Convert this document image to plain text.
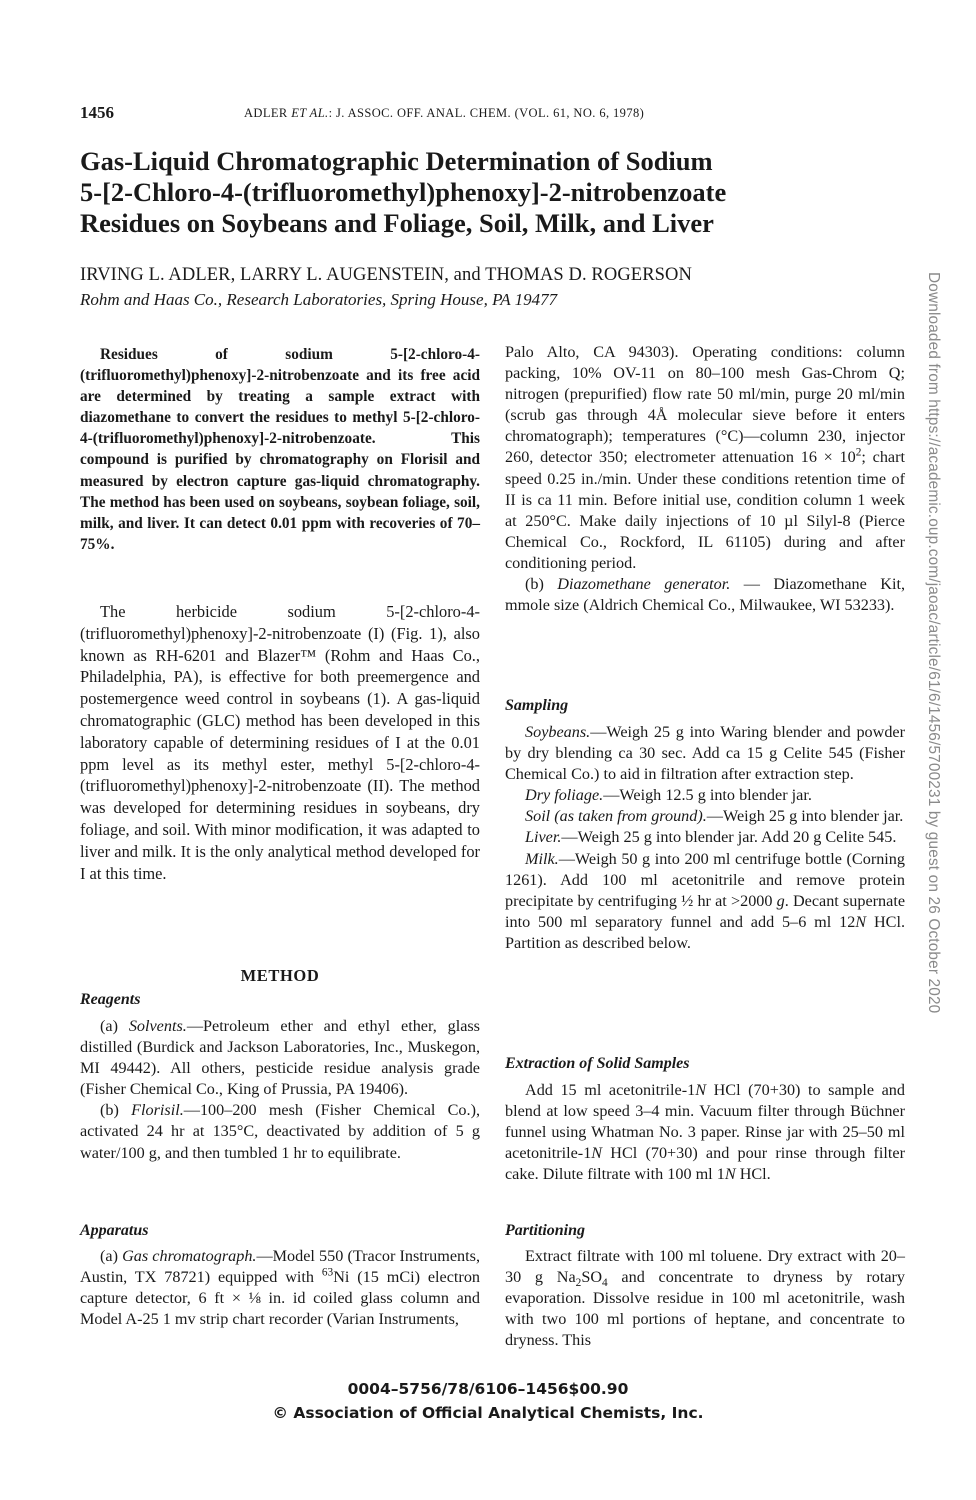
1456	ADLER ET AL.: J. ASSOC. OFF. ANAL. CHEM. (VOL. 61, NO. 6, 1978)
Gas-Liquid Chromatographic Determination of Sodium
5-[2-Chloro-4-(trifluoromethyl)phenoxy]-2-nitrobenzoate
Residues on Soybeans and Foliage, Soil, Milk, and Liver
IRVING L. ADLER, LARRY L. AUGENSTEIN, and THOMAS D. ROGERSON
Rohm and Haas Co., Research Laboratories, Spring House, PA 19477

Residues of sodium 5-[2-chloro-4-(trifluoromethyl)phenoxy]-2-nitrobenzoate and its free acid are determined by treating a sample extract with diazomethane to convert the residues to methyl 5-[2-chloro-4-(trifluoromethyl)phenoxy]-2-nitrobenzoate. This compound is purified by chromatography on Florisil and measured by electron capture gas-liquid chromatography. The method has been used on soybeans, soybean foliage, soil, milk, and liver. It can detect 0.01 ppm with recoveries of 70–75%.

The herbicide sodium 5-[2-chloro-4-(trifluoromethyl)phenoxy]-2-nitrobenzoate (I) (Fig. 1), also known as RH-6201 and Blazer™ (Rohm and Haas Co., Philadelphia, PA), is effective for both preemergence and postemergence weed control in soybeans (1). A gas-liquid chromatographic (GLC) method has been developed in this laboratory capable of determining residues of I at the 0.01 ppm level as its methyl ester, methyl 5-[2-chloro-4-(trifluoromethyl)phenoxy]-2-nitrobenzoate (II). The method was developed for determining residues in soybeans, dry foliage, and soil. With minor modification, it was adapted to liver and milk. It is the only analytical method developed for I at this time.

METHOD
Reagents

(a) Solvents.—Petroleum ether and ethyl ether, glass distilled (Burdick and Jackson Laboratories, Inc., Muskegon, MI 49442). All others, pesticide residue analysis grade (Fisher Chemical Co., King of Prussia, PA 19406).

(b) Florisil.—100–200 mesh (Fisher Chemical Co.), activated 24 hr at 135°C, deactivated by addition of 5 g water/100 g, and then tumbled 1 hr to equilibrate.

Apparatus

(a) Gas chromatograph.—Model 550 (Tracor Instruments, Austin, TX 78721) equipped with $^{63}$Ni (15 mCi) electron capture detector, 6 ft × ⅛ in. id coiled glass column and Model A-25 1 mv strip chart recorder (Varian Instruments,

Palo Alto, CA 94303). Operating conditions: column packing, 10% OV-11 on 80–100 mesh Gas-Chrom Q; nitrogen (prepurified) flow rate 50 ml/min, purge 20 ml/min (scrub gas through 4Å molecular sieve before it enters chromatograph); temperatures (°C)—column 230, injector 260, detector 350; electrometer attenuation $16 \times 10^2$; chart speed 0.25 in./min. Under these conditions retention time of II is ca 11 min. Before initial use, condition column 1 week at 250°C. Make daily injections of 10 µl Silyl-8 (Pierce Chemical Co., Rockford, IL 61105) during and after conditioning period.

(b) Diazomethane generator. — Diazomethane Kit, mmole size (Aldrich Chemical Co., Milwaukee, WI 53233).

Sampling

Soybeans.—Weigh 25 g into Waring blender and powder by dry blending ca 30 sec. Add ca 15 g Celite 545 (Fisher Chemical Co.) to aid in filtration after extraction step.

Dry foliage.—Weigh 12.5 g into blender jar.

Soil (as taken from ground).—Weigh 25 g into blender jar.

Liver.—Weigh 25 g into blender jar. Add 20 g Celite 545.

Milk.—Weigh 50 g into 200 ml centrifuge bottle (Corning 1261). Add 100 ml acetonitrile and remove protein precipitate by centrifuging ½ hr at >2000 g. Decant supernate into 500 ml separatory funnel and add 5–6 ml 12N HCl. Partition as described below.

Extraction of Solid Samples

Add 15 ml acetonitrile-1N HCl (70+30) to sample and blend at low speed 3–4 min. Vacuum filter through Büchner funnel using Whatman No. 3 paper. Rinse jar with 25–50 ml acetonitrile-1N HCl (70+30) and pour rinse through filter cake. Dilute filtrate with 100 ml 1N HCl.

Partitioning

Extract filtrate with 100 ml toluene. Dry extract with 20–30 g $Na_2SO_4$ and concentrate to dryness by rotary evaporation. Dissolve residue in 100 ml acetonitrile, wash with two 100 ml portions of heptane, and concentrate to dryness. This

Downloaded from https://academic.oup.com/jaoac/article/61/6/1456/5700231 by guest on 26 October 2020
0004–5756/78/6106–1456$00.90
© Association of Official Analytical Chemists, Inc.
